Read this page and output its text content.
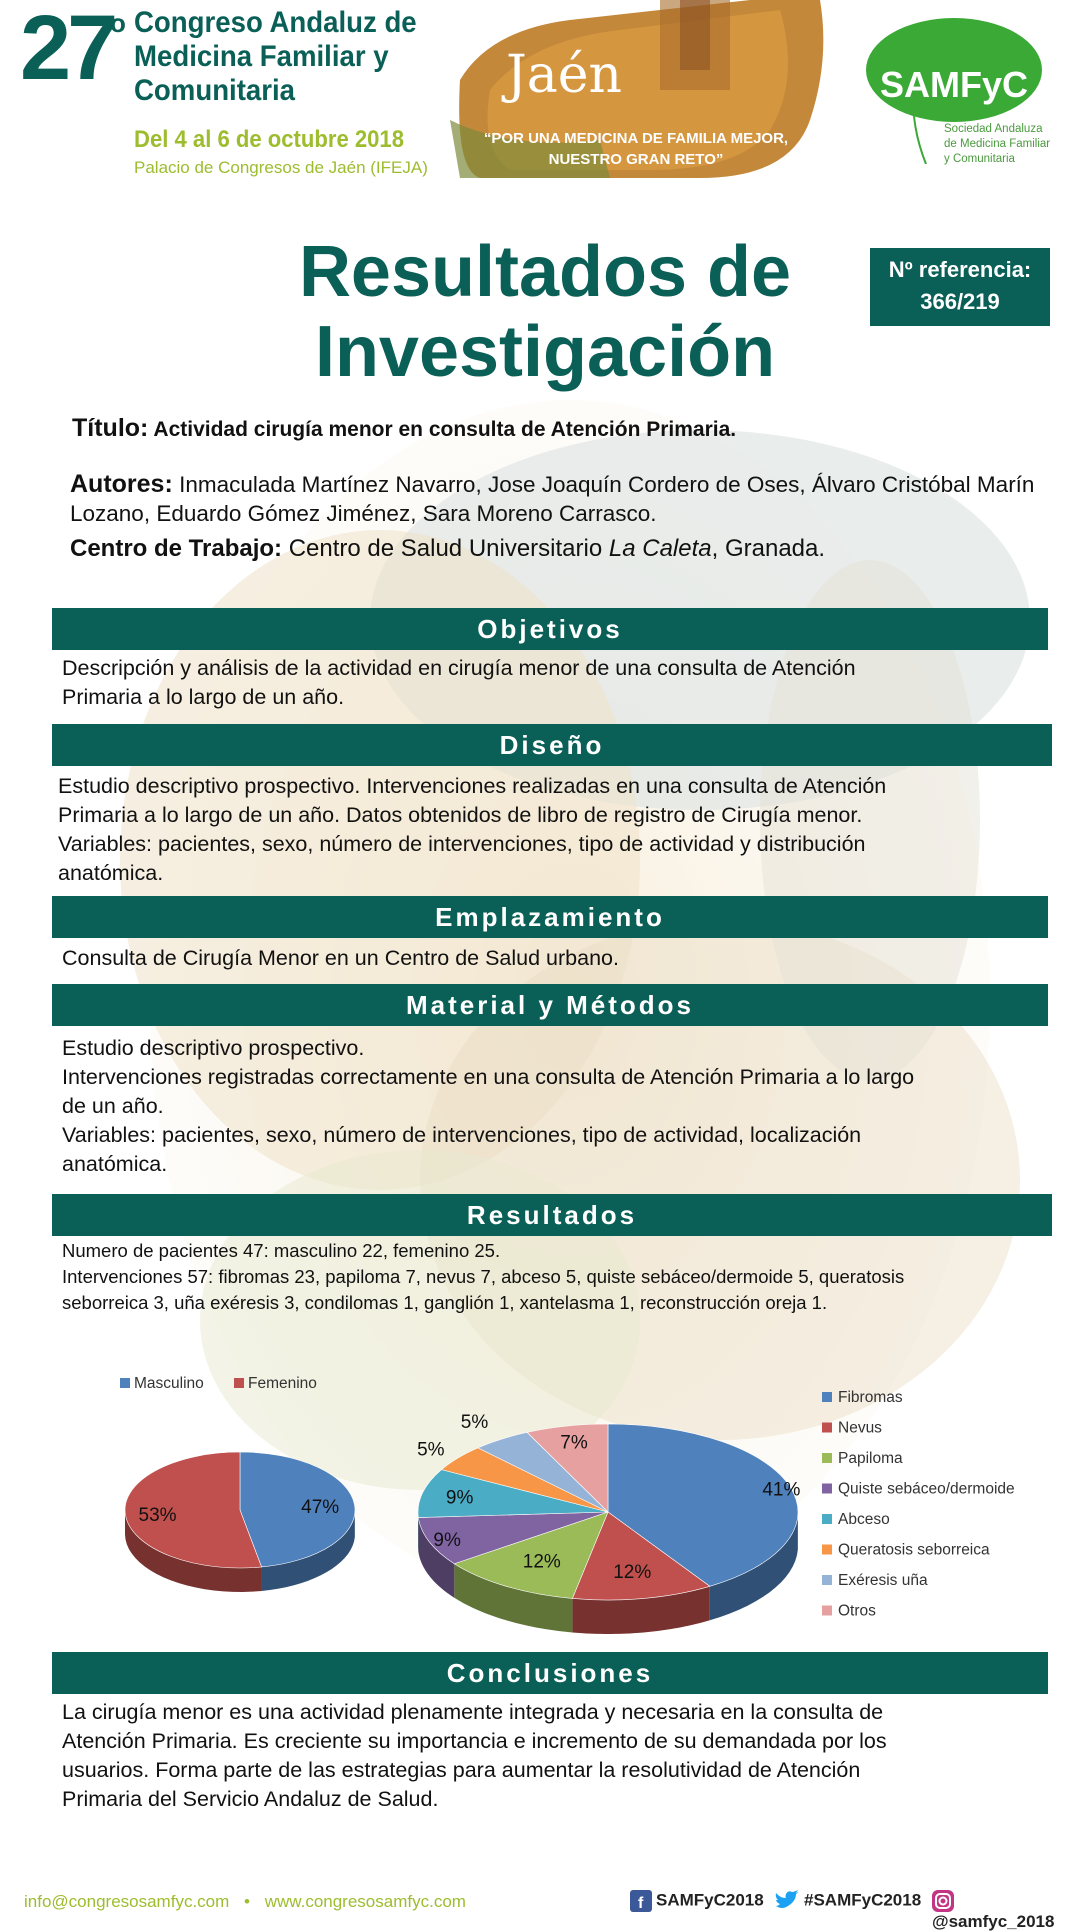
27
o Congreso Andaluz de Medicina Familiar y Comunitaria
Del 4 al 6 de octubre 2018
Palacio de Congresos de Jaén (IFEJA)
Jaén
“POR UNA MEDICINA DE FAMILIA MEJOR,
NUESTRO GRAN RETO”
SAMFyC
Sociedad Andaluza
de Medicina Familiar
y Comunitaria
Resultados de
Investigación
Nº referencia:
366/219
Título: Actividad cirugía menor en consulta de Atención Primaria.
Autores: Inmaculada Martínez Navarro, Jose Joaquín Cordero de Oses, Álvaro Cristóbal Marín Lozano, Eduardo Gómez Jiménez, Sara Moreno Carrasco.
Centro de Trabajo: Centro de Salud Universitario La Caleta, Granada.
Objetivos
Descripción y análisis de la actividad en cirugía menor de una consulta de Atención
Primaria a lo largo de un año.
Diseño
Estudio descriptivo prospectivo. Intervenciones realizadas en una consulta de Atención
Primaria a lo largo de un año. Datos obtenidos de libro de registro de Cirugía menor.
Variables: pacientes, sexo, número de intervenciones, tipo de actividad y distribución
anatómica.
Emplazamiento
Consulta de Cirugía Menor en un Centro de Salud urbano.
Material y Métodos
Estudio descriptivo prospectivo.
Intervenciones registradas correctamente en una consulta de Atención Primaria a lo largo
de un año.
Variables: pacientes, sexo, número de intervenciones, tipo de actividad, localización
anatómica.
Resultados
Numero de pacientes 47: masculino 22, femenino 25.
Intervenciones 57: fibromas 23, papiloma 7, nevus 7, abceso 5, quiste sebáceo/dermoide 5, queratosis
seborreica 3, uña exéresis 3, condilomas 1, ganglión 1, xantelasma 1, reconstrucción oreja 1.
Masculino	Femenino
47%
53%
41%
12%
12%
9%
9%
5%
5%
7%
Fibromas
Nevus
Papiloma
Quiste sebáceo/dermoide
Abceso
Queratosis seborreica
Exéresis uña
Otros
Conclusiones
La cirugía menor es una actividad plenamente integrada y necesaria en la consulta de
Atención Primaria. Es creciente su importancia e incremento de su demandada por los
usuarios. Forma parte de las estrategias para aumentar la resolutividad de Atención
Primaria del Servicio Andaluz de Salud.
info@congresosamfyc.com • www.congresosamfyc.com	f SAMFyC2018	#SAMFyC2018
@samfyc_2018
